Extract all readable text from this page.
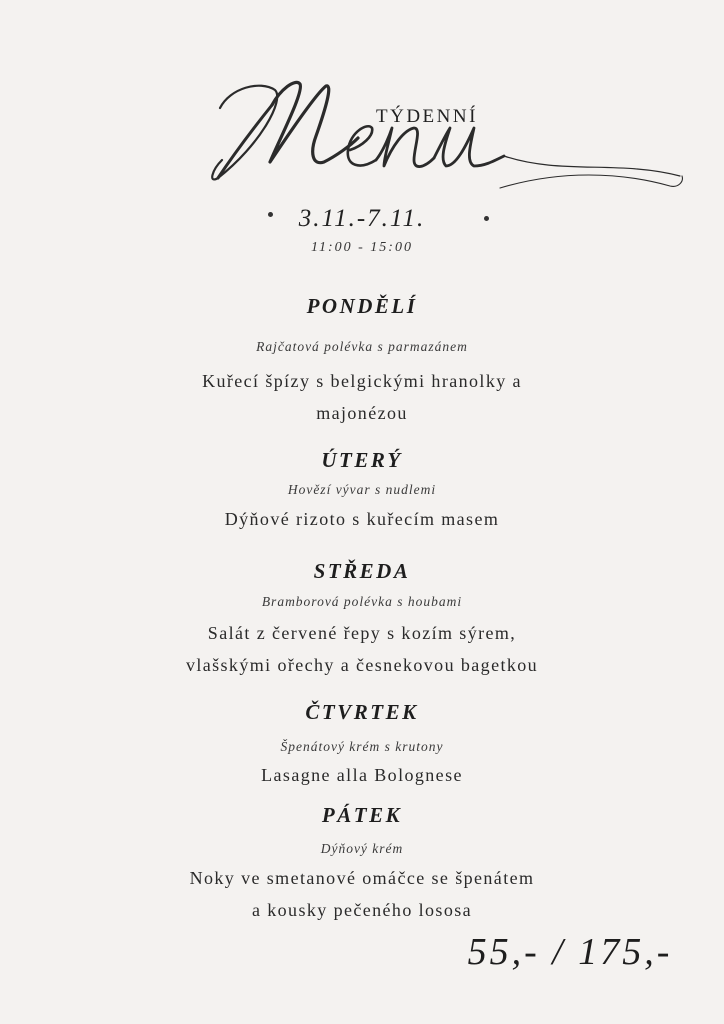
TÝDENNÍ
3.11.-7.11.
11:00 - 15:00
PONDĚLÍ
Rajčatová polévka s parmazánem
Kuřecí špízy s belgickými hranolky a
majonézou
ÚTERÝ
Hovězí vývar s nudlemi
Dýňové rizoto s kuřecím masem
STŘEDA
Bramborová polévka s houbami
Salát z červené řepy s kozím sýrem,
vlašskými ořechy a česnekovou bagetkou
ČTVRTEK
Špenátový krém s krutony
Lasagne alla Bolognese
PÁTEK
Dýňový krém
Noky ve smetanové omáčce se špenátem
a kousky pečeného lososa
55,- / 175,-
